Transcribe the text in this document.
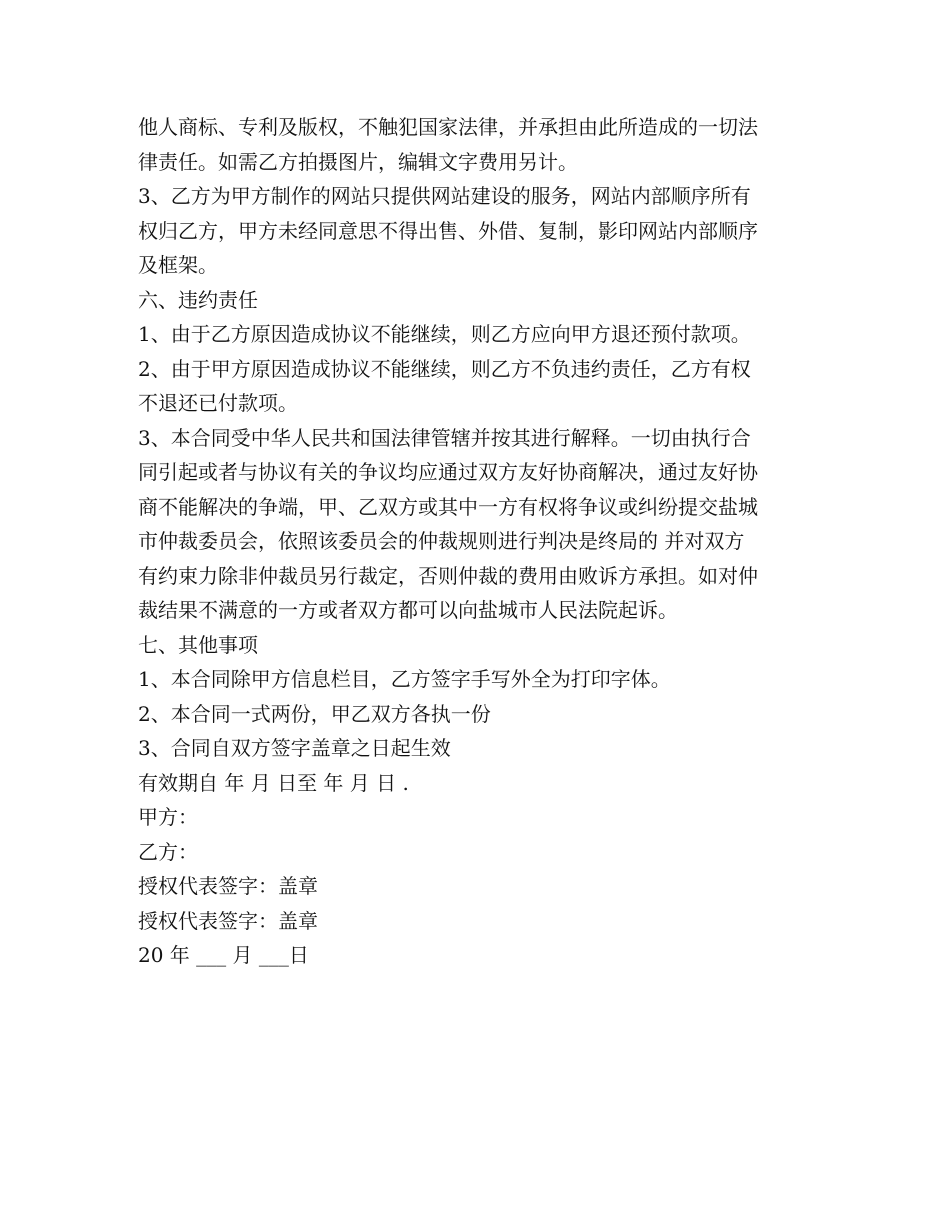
他人商标、专利及版权，不触犯国家法律，并承担由此所造成的一切法
律责任。如需乙方拍摄图片，编辑文字费用另计。
3、乙方为甲方制作的网站只提供网站建设的服务，网站内部顺序所有
权归乙方，甲方未经同意思不得出售、外借、复制，影印网站内部顺序
及框架。
六、违约责任
1、由于乙方原因造成协议不能继续，则乙方应向甲方退还预付款项。
2、由于甲方原因造成协议不能继续，则乙方不负违约责任，乙方有权
不退还已付款项。
3、本合同受中华人民共和国法律管辖并按其进行解释。一切由执行合
同引起或者与协议有关的争议均应通过双方友好协商解决，通过友好协
商不能解决的争端，甲、乙双方或其中一方有权将争议或纠纷提交盐城
市仲裁委员会，依照该委员会的仲裁规则进行判决是终局的 并对双方
有约束力除非仲裁员另行裁定，否则仲裁的费用由败诉方承担。如对仲
裁结果不满意的一方或者双方都可以向盐城市人民法院起诉。
七、其他事项
1、本合同除甲方信息栏目，乙方签字手写外全为打印字体。
2、本合同一式两份，甲乙双方各执一份
3、合同自双方签字盖章之日起生效
有效期自 年 月 日至 年 月 日 .
甲方：
乙方：
授权代表签字：盖章
授权代表签字：盖章
20 年 ___ 月 ___日
